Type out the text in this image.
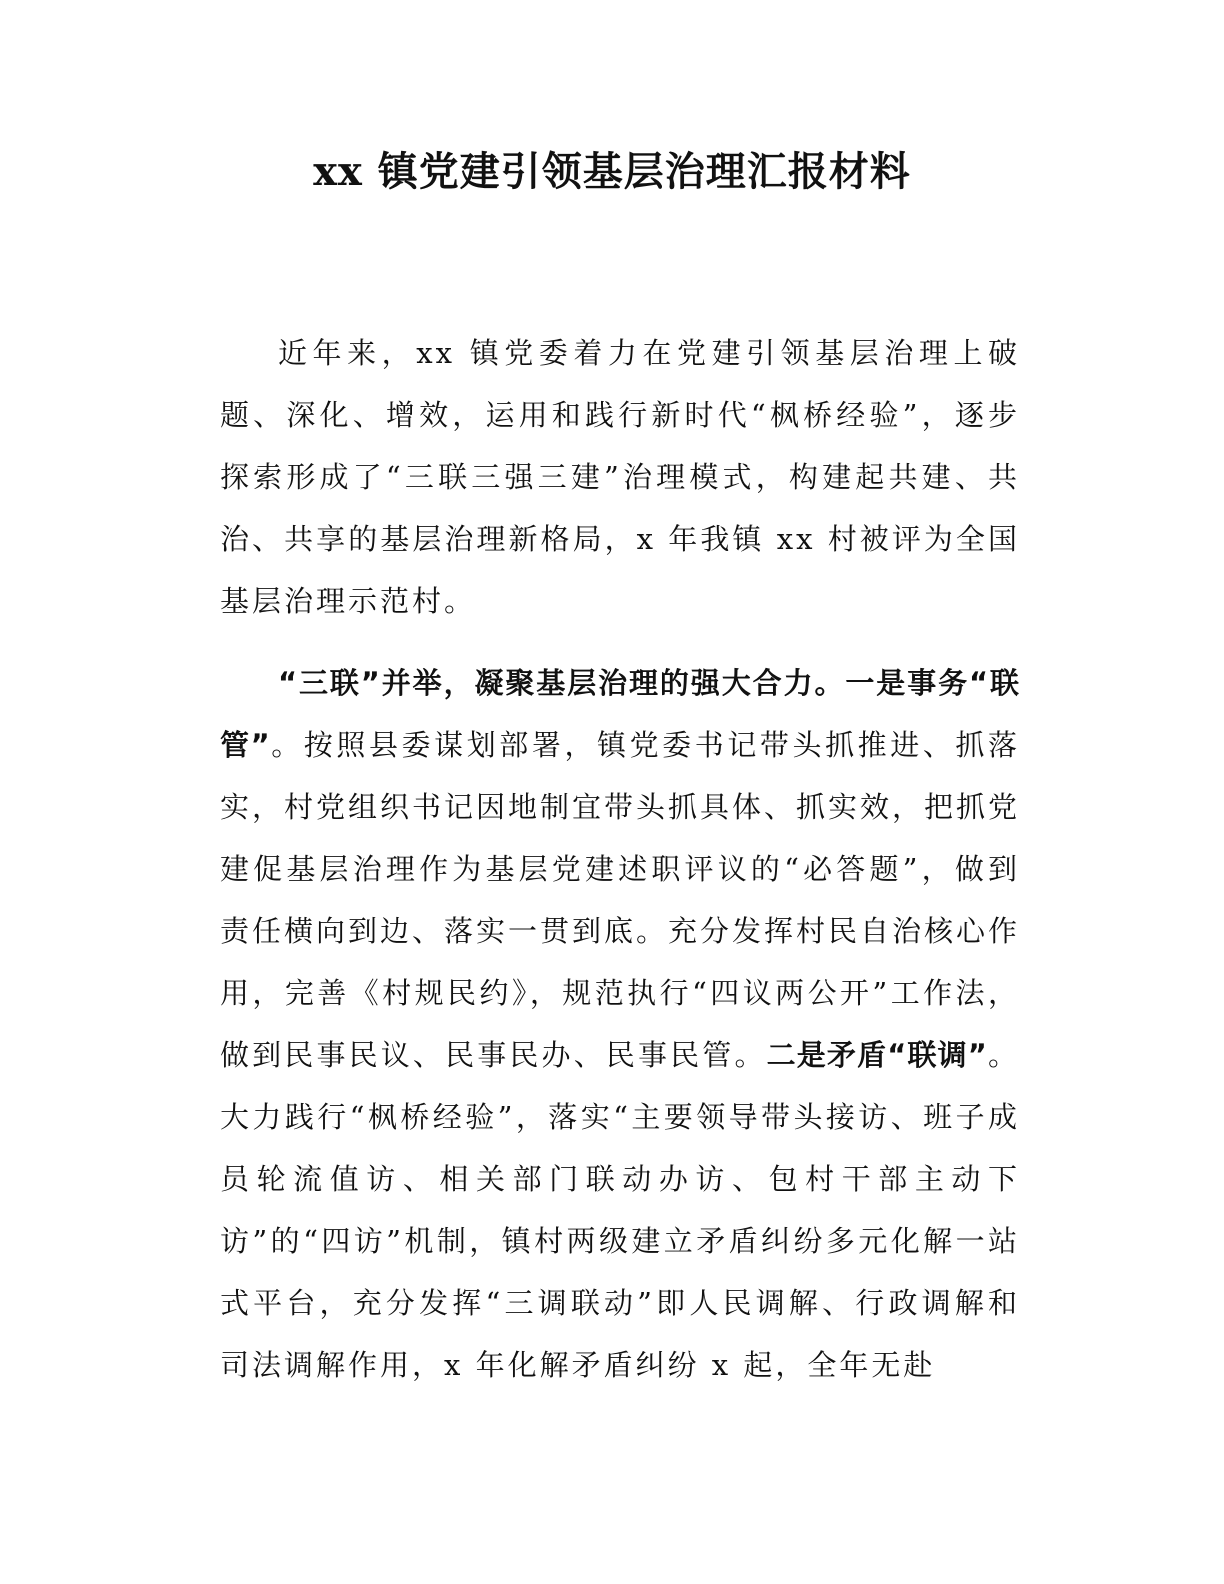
xx 镇党建引领基层治理汇报材料

近年来，xx 镇党委着力在党建引领基层治理上破题、深化、增效，运用和践行新时代“枫桥经验”，逐步探索形成了“三联三强三建”治理模式，构建起共建、共治、共享的基层治理新格局，x 年我镇 xx 村被评为全国基层治理示范村。

“三联”并举，凝聚基层治理的强大合力。一是事务“联管”。按照县委谋划部署，镇党委书记带头抓推进、抓落实，村党组织书记因地制宜带头抓具体、抓实效，把抓党建促基层治理作为基层党建述职评议的“必答题”，做到责任横向到边、落实一贯到底。充分发挥村民自治核心作用，完善《村规民约》，规范执行“四议两公开”工作法，做到民事民议、民事民办、民事民管。二是矛盾“联调”。大力践行“枫桥经验”，落实“主要领导带头接访、班子成员轮流值访、相关部门联动办访、包村干部主动下访”的“四访”机制，镇村两级建立矛盾纠纷多元化解一站式平台，充分发挥“三调联动”即人民调解、行政调解和司法调解作用，x 年化解矛盾纠纷 x 起，全年无赴
